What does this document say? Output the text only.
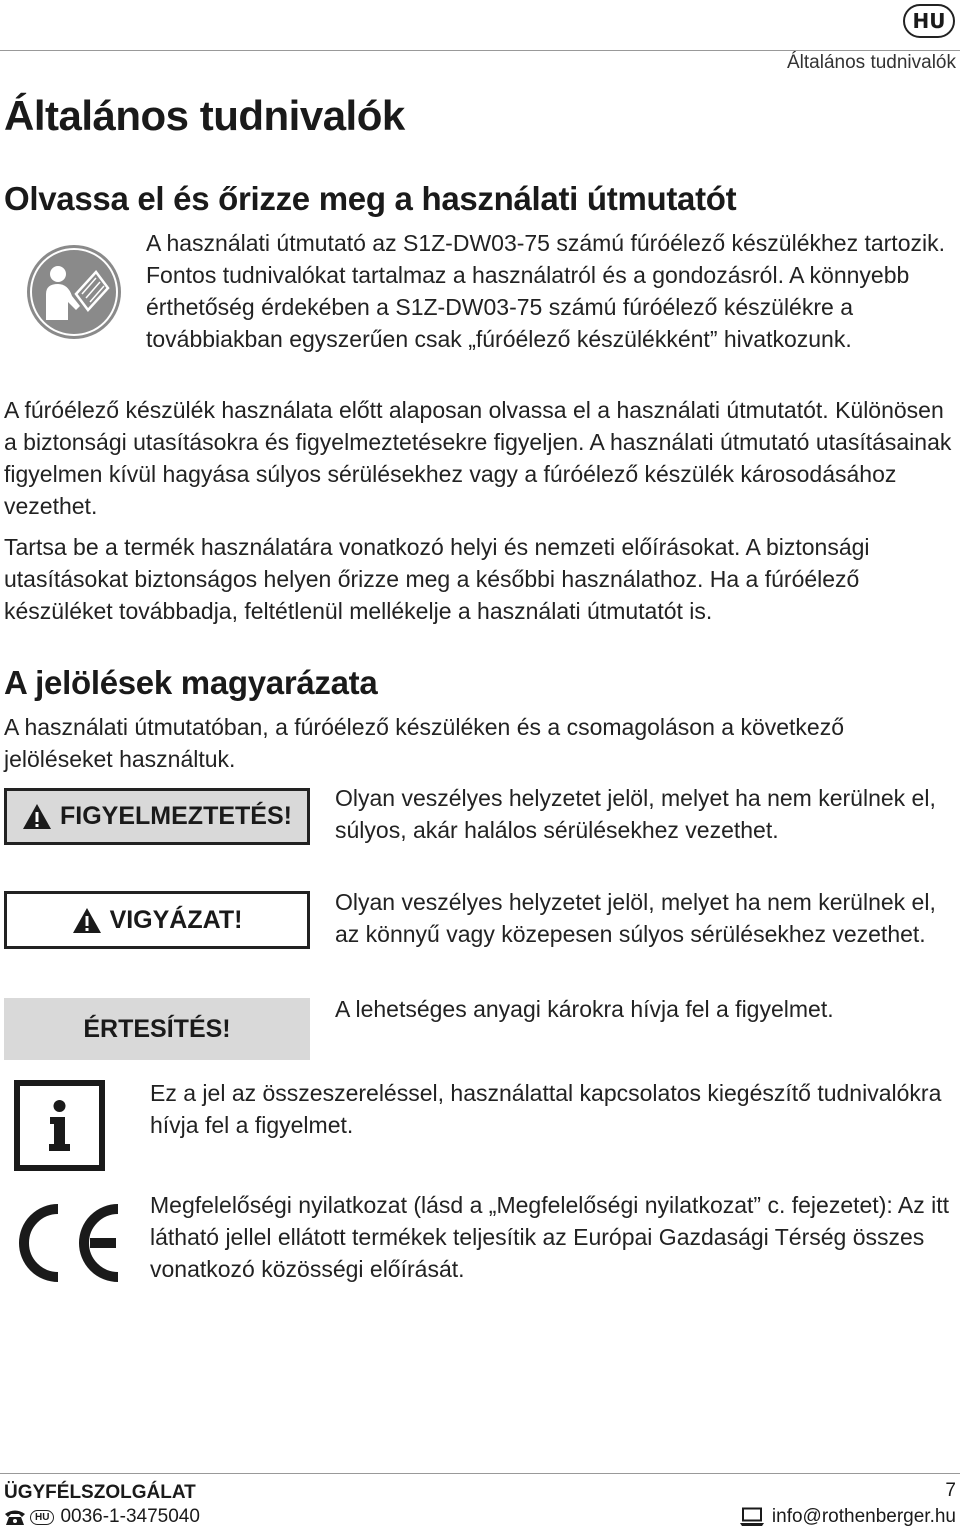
HU
Általános tudnivalók
Általános tudnivalók
Olvassa el és őrizze meg a használati útmutatót
A használati útmutató az S1Z-DW03-75 számú fúróélező készülékhez tartozik. Fontos tudnivalókat tartalmaz a használatról és a gondozásról. A könnyebb érthetőség érdekében a S1Z-DW03-75 számú fúróélező készülékre a továbbiakban egyszerűen csak „fúróélező készülékként” hivatkozunk.
A fúróélező készülék használata előtt alaposan olvassa el a használati útmutatót. Különösen a biztonsági utasításokra és figyelmeztetésekre figyeljen. A használati útmutató utasításainak figyelmen kívül hagyása súlyos sérülésekhez vagy a fúróélező készülék károsodásához vezethet.
Tartsa be a termék használatára vonatkozó helyi és nemzeti előírásokat. A biztonsági utasításokat biztonságos helyen őrizze meg a későbbi használathoz. Ha a fúróélező készüléket továbbadja, feltétlenül mellékelje a használati útmutatót is.
A jelölések magyarázata
A használati útmutatóban, a fúróélező készüléken és a csomagoláson a következő jelöléseket használtuk.
FIGYELMEZTETÉS!
Olyan veszélyes helyzetet jelöl, melyet ha nem kerülnek el, súlyos, akár halálos sérülésekhez vezethet.
VIGYÁZAT!
Olyan veszélyes helyzetet jelöl, melyet ha nem kerülnek el, az könnyű vagy közepesen súlyos sérülésekhez vezethet.
ÉRTESÍTÉS!
A lehetséges anyagi károkra hívja fel a figyelmet.
Ez a jel az összeszereléssel, használattal kapcsolatos kiegészítő tudnivalókra hívja fel a figyelmet.
Megfelelőségi nyilatkozat (lásd a „Megfelelőségi nyilatkozat” c. fejezetet): Az itt látható jellel ellátott termékek teljesítik az Európai Gazdasági Térség összes vonatkozó közösségi előírását.
ÜGYFÉLSZOLGÁLAT	7
HU 0036-1-3475040	info@rothenberger.hu
